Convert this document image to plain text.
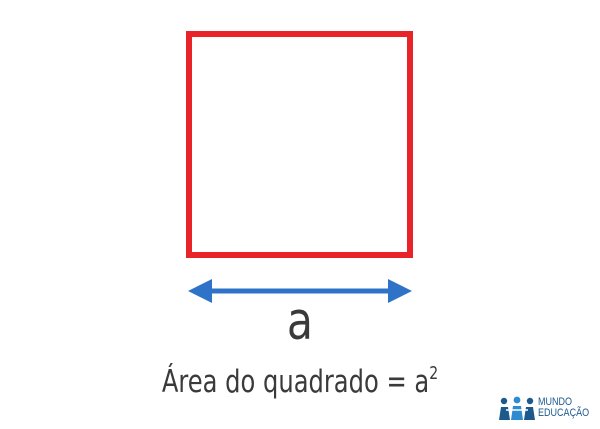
a
Área do quadrado = $a^2$
MUNDO
EDUCAÇÃO
